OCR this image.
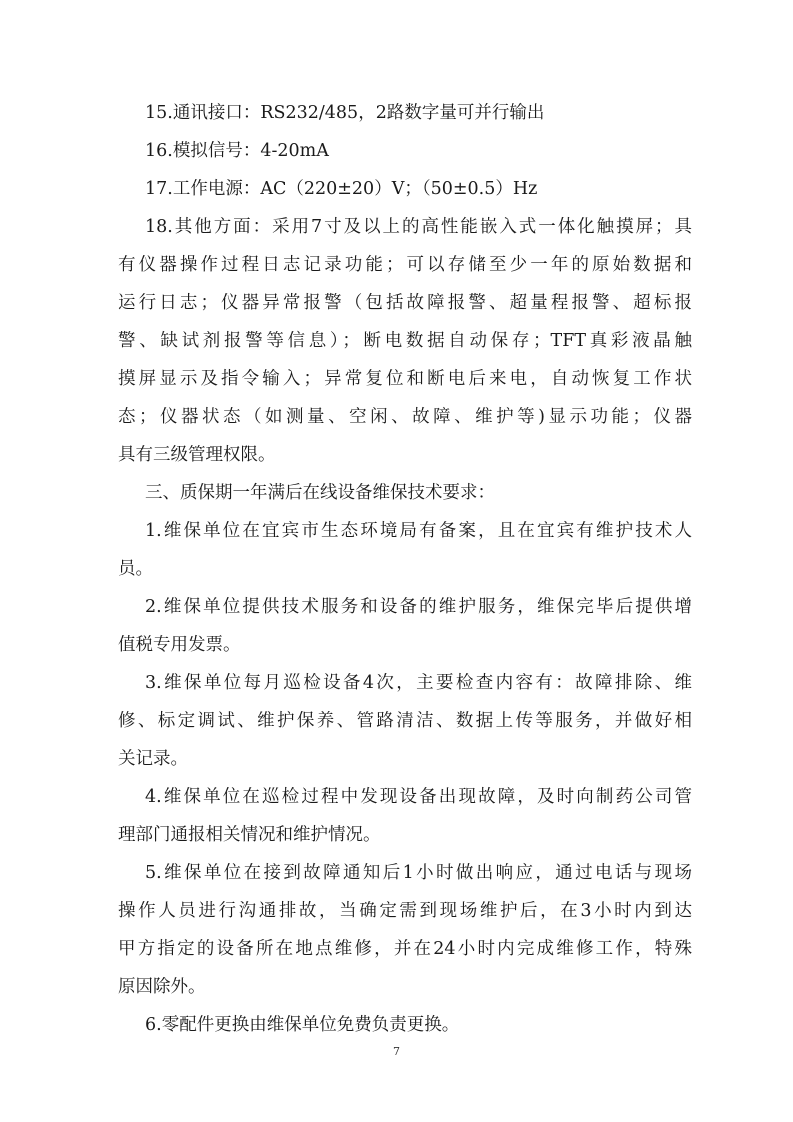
15.通讯接口：RS232/485，2路数字量可并行输出
16.模拟信号：4-20mA
17.工作电源：AC（220±20）V；（50±0.5）Hz
18.其他方面：采用7寸及以上的高性能嵌入式一体化触摸屏；具
有仪器操作过程日志记录功能；可以存储至少一年的原始数据和
运行日志；仪器异常报警（包括故障报警、超量程报警、超标报
警、缺试剂报警等信息）；断电数据自动保存；TFT真彩液晶触
摸屏显示及指令输入；异常复位和断电后来电，自动恢复工作状
态；仪器状态（如测量、空闲、故障、维护等)显示功能；仪器
具有三级管理权限。
三、质保期一年满后在线设备维保技术要求：
1.维保单位在宜宾市生态环境局有备案，且在宜宾有维护技术人
员。
2.维保单位提供技术服务和设备的维护服务，维保完毕后提供增
值税专用发票。
3.维保单位每月巡检设备4次，主要检查内容有：故障排除、维
修、标定调试、维护保养、管路清洁、数据上传等服务，并做好相
关记录。
4.维保单位在巡检过程中发现设备出现故障，及时向制药公司管
理部门通报相关情况和维护情况。
5.维保单位在接到故障通知后1小时做出响应，通过电话与现场
操作人员进行沟通排故，当确定需到现场维护后，在3小时内到达
甲方指定的设备所在地点维修，并在24小时内完成维修工作，特殊
原因除外。
6.零配件更换由维保单位免费负责更换。
7
